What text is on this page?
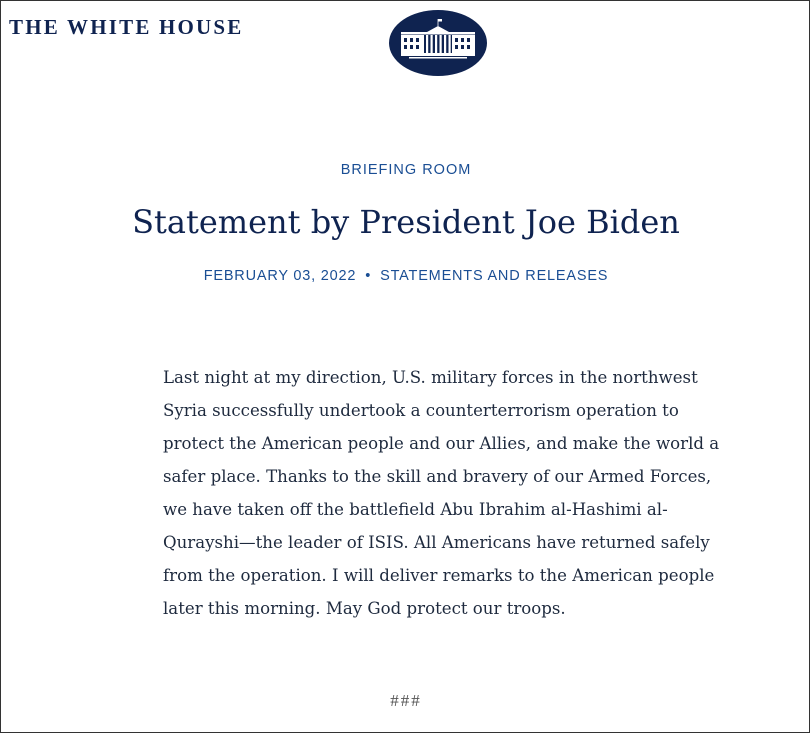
THE WHITE HOUSE
BRIEFING ROOM
Statement by President Joe Biden
FEBRUARY 03, 2022 • STATEMENTS AND RELEASES

Last night at my direction, U.S. military forces in the northwest Syria successfully undertook a counterterrorism operation to protect the American people and our Allies, and make the world a safer place. Thanks to the skill and bravery of our Armed Forces, we have taken off the battlefield Abu Ibrahim al-Hashimi al-Qurayshi—the leader of ISIS. All Americans have returned safely from the operation. I will deliver remarks to the American people later this morning. May God protect our troops.

###
